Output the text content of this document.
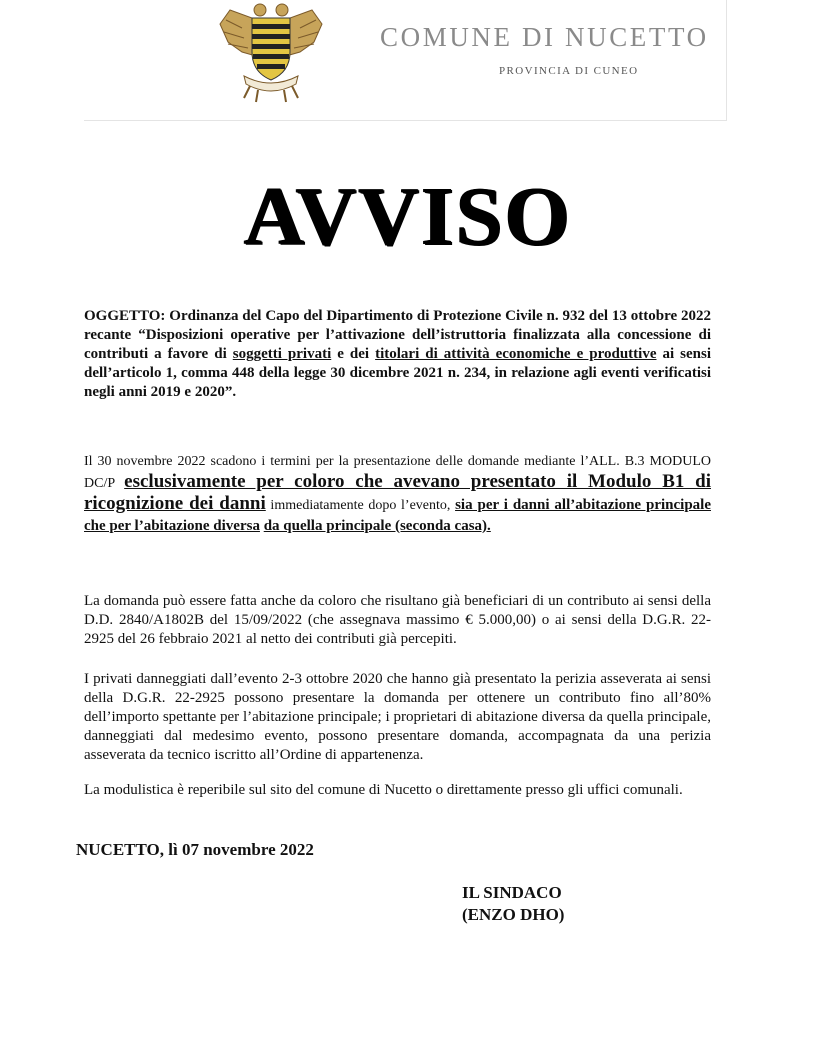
COMUNE DI NUCETTO
PROVINCIA DI CUNEO
AVVISO
OGGETTO: Ordinanza del Capo del Dipartimento di Protezione Civile n. 932 del 13 ottobre 2022 recante “Disposizioni operative per l’attivazione dell’istruttoria finalizzata alla concessione di contributi a favore di soggetti privati e dei titolari di attività economiche e produttive ai sensi dell’articolo 1, comma 448 della legge 30 dicembre 2021 n. 234, in relazione agli eventi verificatisi negli anni 2019 e 2020”.
Il 30 novembre 2022 scadono i termini per la presentazione delle domande mediante l’ALL. B.3 MODULO DC/P esclusivamente per coloro che avevano presentato il Modulo B1 di ricognizione dei danni immediatamente dopo l’evento, sia per i danni all’abitazione principale che per l’abitazione diversa da quella principale (seconda casa).
La domanda può essere fatta anche da coloro che risultano già beneficiari di un contributo ai sensi della D.D. 2840/A1802B del 15/09/2022 (che assegnava massimo € 5.000,00) o ai sensi della D.G.R. 22- 2925 del 26 febbraio 2021 al netto dei contributi già percepiti.
I privati danneggiati dall’evento 2-3 ottobre 2020 che hanno già presentato la perizia asseverata ai sensi della D.G.R. 22-2925 possono presentare la domanda per ottenere un contributo fino all’80% dell’importo spettante per l’abitazione principale; i proprietari di abitazione diversa da quella principale, danneggiati dal medesimo evento, possono presentare domanda, accompagnata da una perizia asseverata da tecnico iscritto all’Ordine di appartenenza.
La modulistica è reperibile sul sito del comune di Nucetto o direttamente presso gli uffici comunali.
NUCETTO, lì 07 novembre 2022
IL SINDACO
(ENZO DHO)
